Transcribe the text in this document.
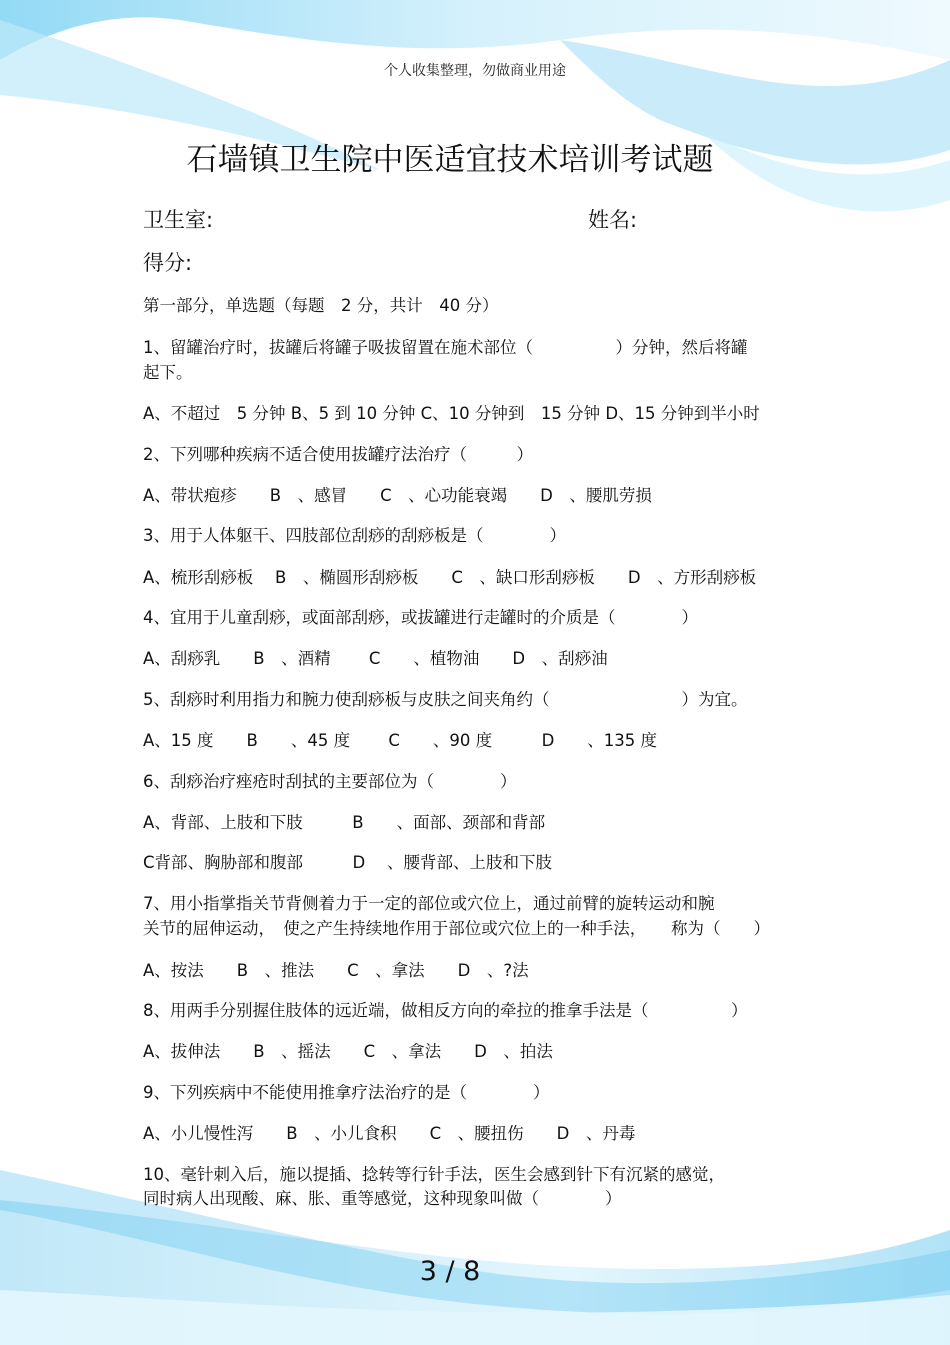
个人收集整理，勿做商业用途
石墙镇卫生院中医适宜技术培训考试题
卫生室:	姓名:
得分:
第一部分，单选题（每题　2 分，共计　40 分）
1、留罐治疗时，拔罐后将罐子吸拔留置在施术部位（　　　　　）分钟，然后将罐
起下。
A、不超过　5 分钟 B、5 到 10 分钟 C、10 分钟到　15 分钟 D、15 分钟到半小时
2、下列哪种疾病不适合使用拔罐疗法治疗（　　　）
A、带状疱疹　　B　、感冒　　C　、心功能衰竭　　D　、腰肌劳损
3、用于人体躯干、四肢部位刮痧的刮痧板是（　　　　）
A、梳形刮痧板　 B　、椭圆形刮痧板　　C　、缺口形刮痧板　　D　、方形刮痧板
4、宜用于儿童刮痧，或面部刮痧，或拔罐进行走罐时的介质是（　　　　）
A、刮痧乳　　B　、酒精　　 C　　、植物油　　D　、刮痧油
5、刮痧时利用指力和腕力使刮痧板与皮肤之间夹角约（　　　　　　　　）为宜。
A、15 度　　B　　、45 度　　 C　　、90 度　　　D　　、135 度
6、刮痧治疗痤疮时刮拭的主要部位为（　　　　）
A、背部、上肢和下肢　　　B　　、面部、颈部和背部
C背部、胸胁部和腹部　　　D　 、腰背部、上肢和下肢
7、用小指掌指关节背侧着力于一定的部位或穴位上，通过前臂的旋转运动和腕
关节的屈伸运动，　使之产生持续地作用于部位或穴位上的一种手法，　　称为（　　）
A、按法　　B　、推法　　C　、拿法　　D　、?法
8、用两手分别握住肢体的远近端，做相反方向的牵拉的推拿手法是（　　　　　）
A、拔伸法　　B　、摇法　　C　、拿法　　D　、拍法
9、下列疾病中不能使用推拿疗法治疗的是（　　　　）
A、小儿慢性泻　　B　、小儿食积　　C　、腰扭伤　　D　、丹毒
10、毫针刺入后，施以提插、捻转等行针手法，医生会感到针下有沉紧的感觉，
同时病人出现酸、麻、胀、重等感觉，这种现象叫做（　　　　）
3 / 8
